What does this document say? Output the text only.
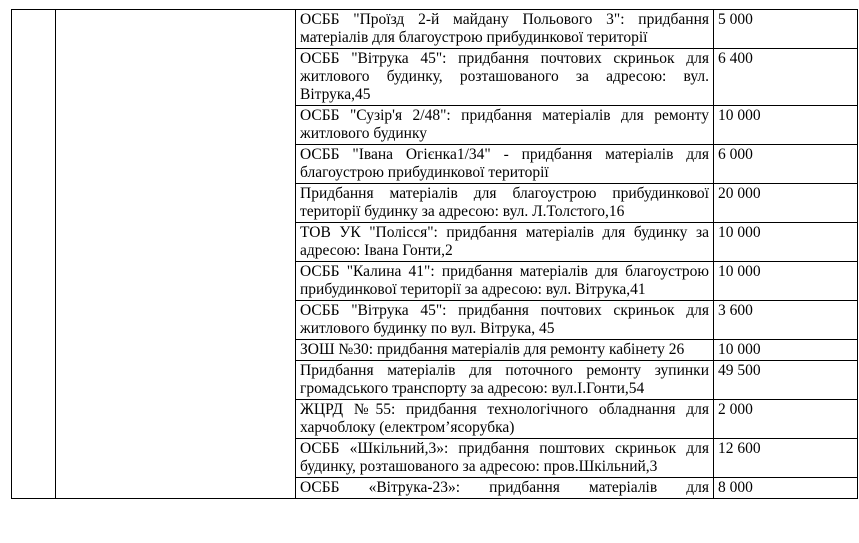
		ОСББ "Проїзд 2-й майдану Польового 3": придбання матеріалів для благоустрою прибудинкової території	5 000
		ОСББ "Вітрука 45": придбання почтових скриньок для житлового будинку, розташованого за адресою: вул. Вітрука,45	6 400
		ОСББ "Сузір'я 2/48": придбання матеріалів для ремонту житлового будинку	10 000
		ОСББ "Івана Огієнка1/34" - придбання матеріалів для благоустрою прибудинкової території	6 000
		Придбання матеріалів для благоустрою прибудинкової території будинку за адресою: вул. Л.Толстого,16	20 000
		ТОВ УК "Полісся": придбання матеріалів для будинку за адресою: Івана Гонти,2	10 000
		ОСББ "Калина 41": придбання матеріалів для благоустрою прибудинкової території за адресою: вул. Вітрука,41	10 000
		ОСББ "Вітрука 45": придбання почтових скриньок для житлового будинку по вул. Вітрука, 45	3 600
		ЗОШ №30: придбання матеріалів для ремонту кабінету 26	10 000
		Придбання матеріалів для поточного ремонту зупинки громадського транспорту за адресою: вул.І.Гонти,54	49 500
		ЖЦРД №55: придбання технологічного обладнання для харчоблоку (електром’ясорубка)	2 000
		ОСББ «Шкільний,3»: придбання поштових скриньок для будинку, розташованого за адресою: пров.Шкільний,3	12 600
		ОСББ «Вітрука-23»: придбання матеріалів для	8 000
